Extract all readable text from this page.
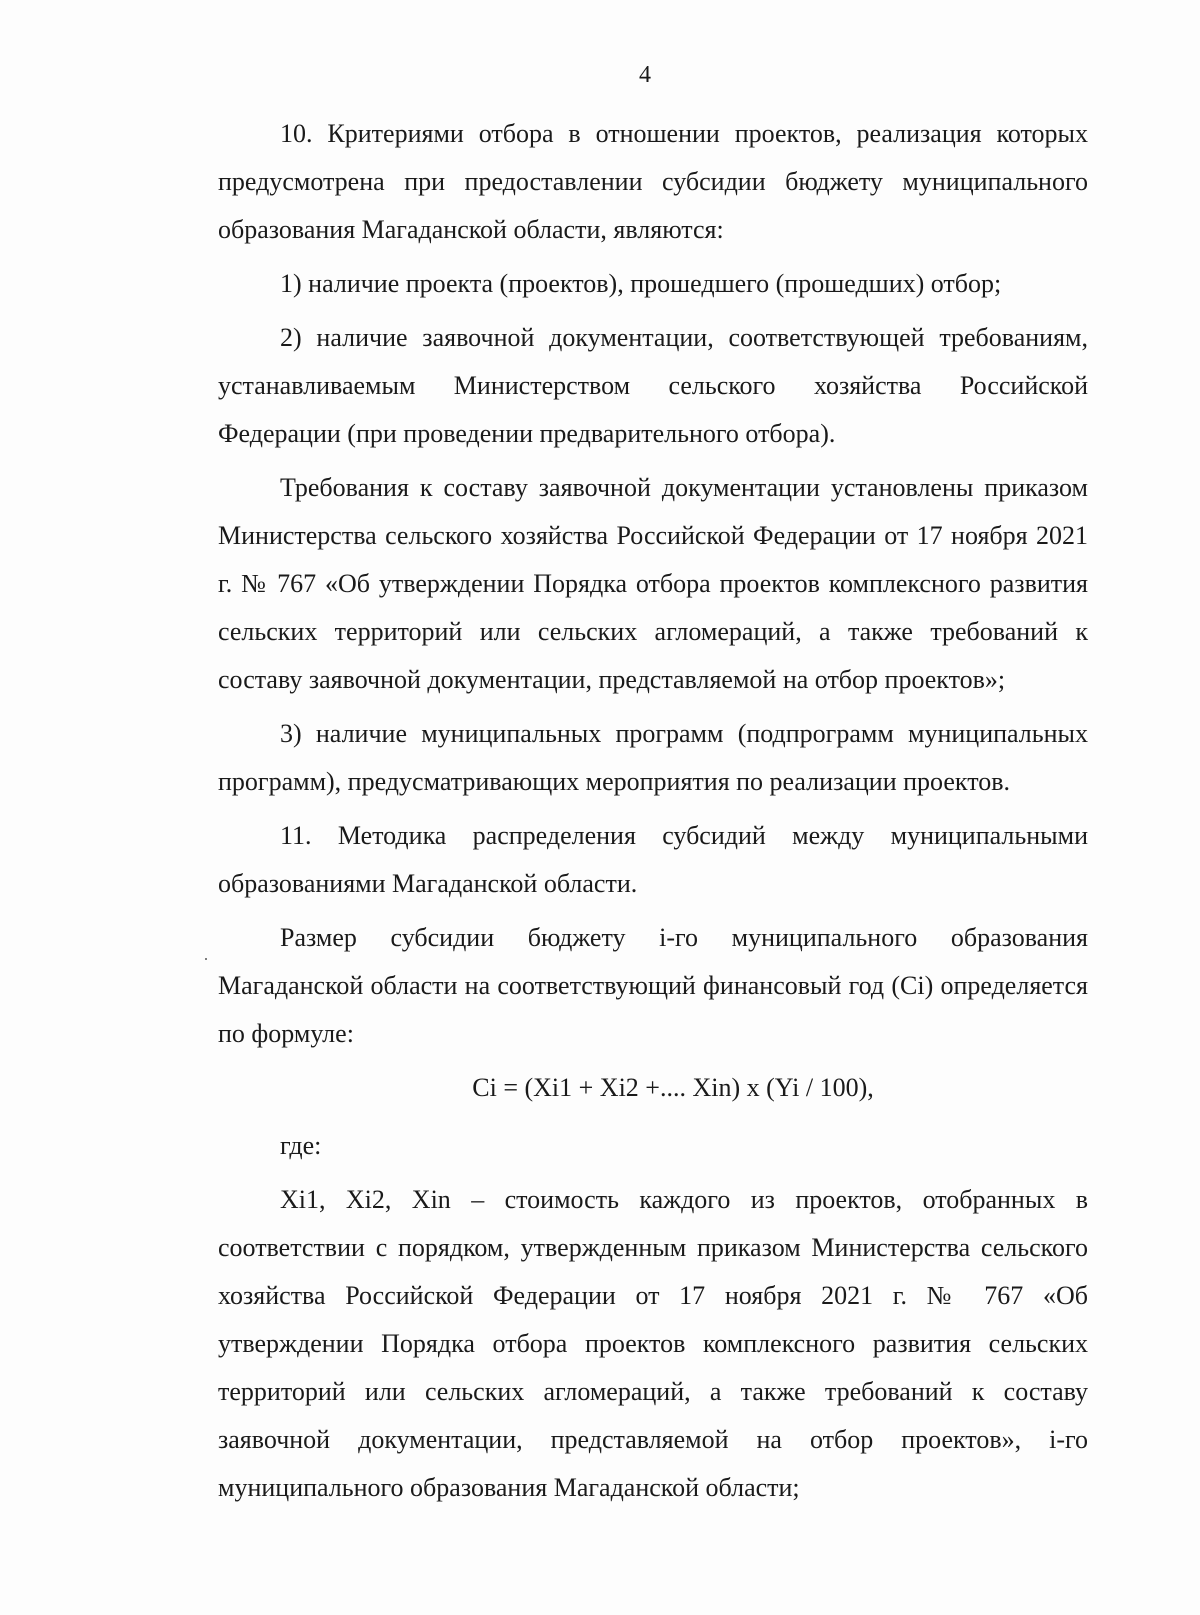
4

10. Критериями отбора в отношении проектов, реализация которых предусмотрена при предоставлении субсидии бюджету муниципального образования Магаданской области, являются:

1) наличие проекта (проектов), прошедшего (прошедших) отбор;

2) наличие заявочной документации, соответствующей требованиям, устанавливаемым Министерством сельского хозяйства Российской Федерации (при проведении предварительного отбора).

Требования к составу заявочной документации установлены приказом Министерства сельского хозяйства Российской Федерации от 17 ноября 2021 г. № 767 «Об утверждении Порядка отбора проектов комплексного развития сельских территорий или сельских агломераций, а также требований к составу заявочной документации, представляемой на отбор проектов»;

3) наличие муниципальных программ (подпрограмм муниципальных программ), предусматривающих мероприятия по реализации проектов.

11. Методика распределения субсидий между муниципальными образованиями Магаданской области.

Размер субсидии бюджету i-го муниципального образования Магаданской области на соответствующий финансовый год (Ci) определяется по формуле:

Ci = (Xi1 + Xi2 +.... Xin) x (Yi / 100),

где:

Xi1, Xi2, Xin – стоимость каждого из проектов, отобранных в соответствии с порядком, утвержденным приказом Министерства сельского хозяйства Российской Федерации от 17 ноября 2021 г. № 767 «Об утверждении Порядка отбора проектов комплексного развития сельских территорий или сельских агломераций, а также требований к составу заявочной документации, представляемой на отбор проектов», i-го муниципального образования Магаданской области;
